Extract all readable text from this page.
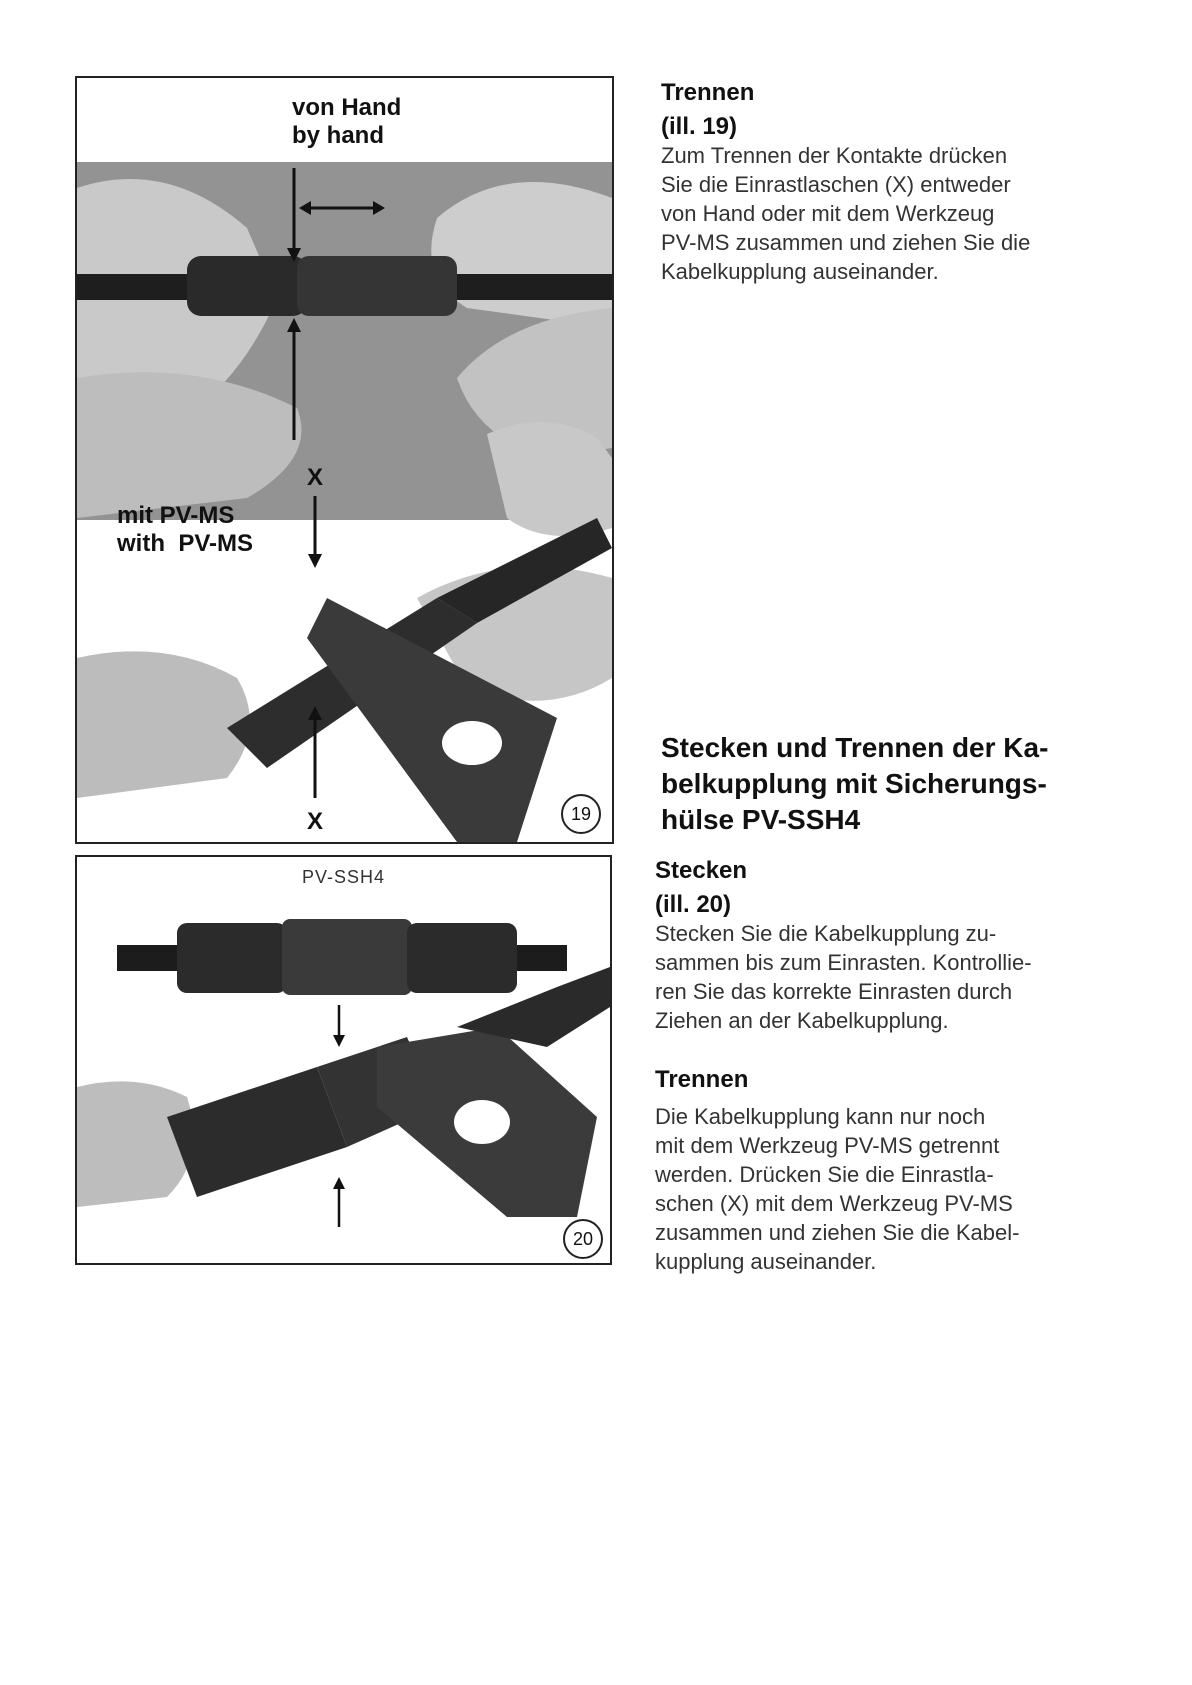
von Hand
by hand
mit PV-MS
with  PV-MS
X
X	19
PV-SSH4
20

Trennen

(ill. 19)

Zum Trennen der Kontakte drücken

Sie die Einrastlaschen (X) entweder

von Hand oder mit dem Werkzeug

PV-MS zusammen und ziehen Sie die

Kabelkupplung auseinander.

Stecken und Trennen der Ka-

belkupplung mit Sicherungs-

hülse PV-SSH4

Stecken

(ill. 20)

Stecken Sie die Kabelkupplung zu-

sammen bis zum Einrasten. Kontrollie-

ren Sie das korrekte Einrasten durch

Ziehen an der Kabelkupplung.

Trennen

Die Kabelkupplung kann nur noch

mit dem Werkzeug PV-MS getrennt

werden. Drücken Sie die Einrastla-

schen (X) mit dem Werkzeug PV-MS

zusammen und ziehen Sie die Kabel-

kupplung auseinander.
